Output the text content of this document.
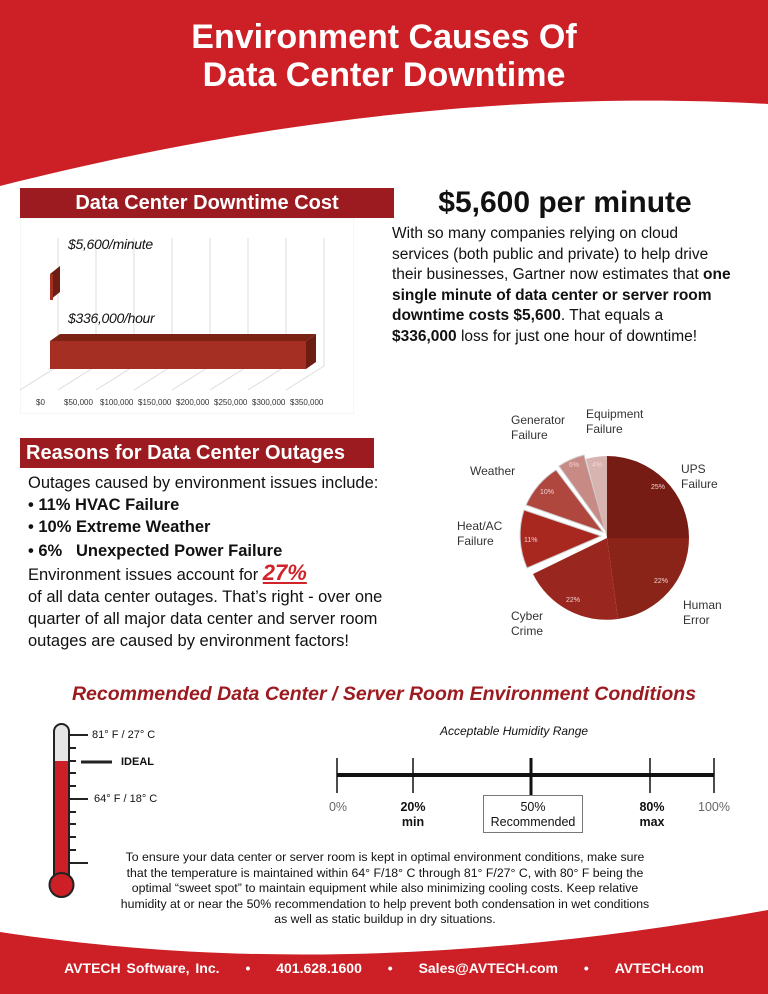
Environment Causes Of
Data Center Downtime
Data Center Downtime Cost
$5,600/minute
$336,000/hour
$0 $50,000 $100,000 $150,000 $200,000 $250,000 $300,000 $350,000
$5,600 per minute
With so many companies relying on cloud services (both public and private) to help drive their businesses, Gartner now estimates that one single minute of data center or server room downtime costs $5,600. That equals a $336,000 loss for just one hour of downtime!
Reasons for Data Center Outages
Outages caused by environment issues include:
• 11% HVAC Failure
• 10% Extreme Weather
• 6%   Unexpected Power Failure
Environment issues account for 27%
of all data center outages. That’s right - over one quarter of all major data center and server room outages are caused by environment factors!
25%
22%
22%
11%
10%
6% 4%	UPS Failure
Human Error
Cyber Crime
Heat/AC Failure
Weather
Generator Failure
Equipment Failure
Recommended Data Center / Server Room Environment Conditions
81° F / 27° C
IDEAL
64° F / 18° C
Acceptable Humidity Range
0%	20%
min
50%
Recommended
80%
max
100%
To ensure your data center or server room is kept in optimal environment conditions, make sure that the temperature is maintained within 64° F/18° C through 81° F/27° C, with 80° F being the optimal “sweet spot” to maintain equipment while also minimizing cooling costs. Keep relative humidity at or near the 50% recommendation to help prevent both condensation in wet conditions as well as static buildup in dry situations.
AVTECH Software, Inc. • 401.628.1600 • Sales@AVTECH.com • AVTECH.com
